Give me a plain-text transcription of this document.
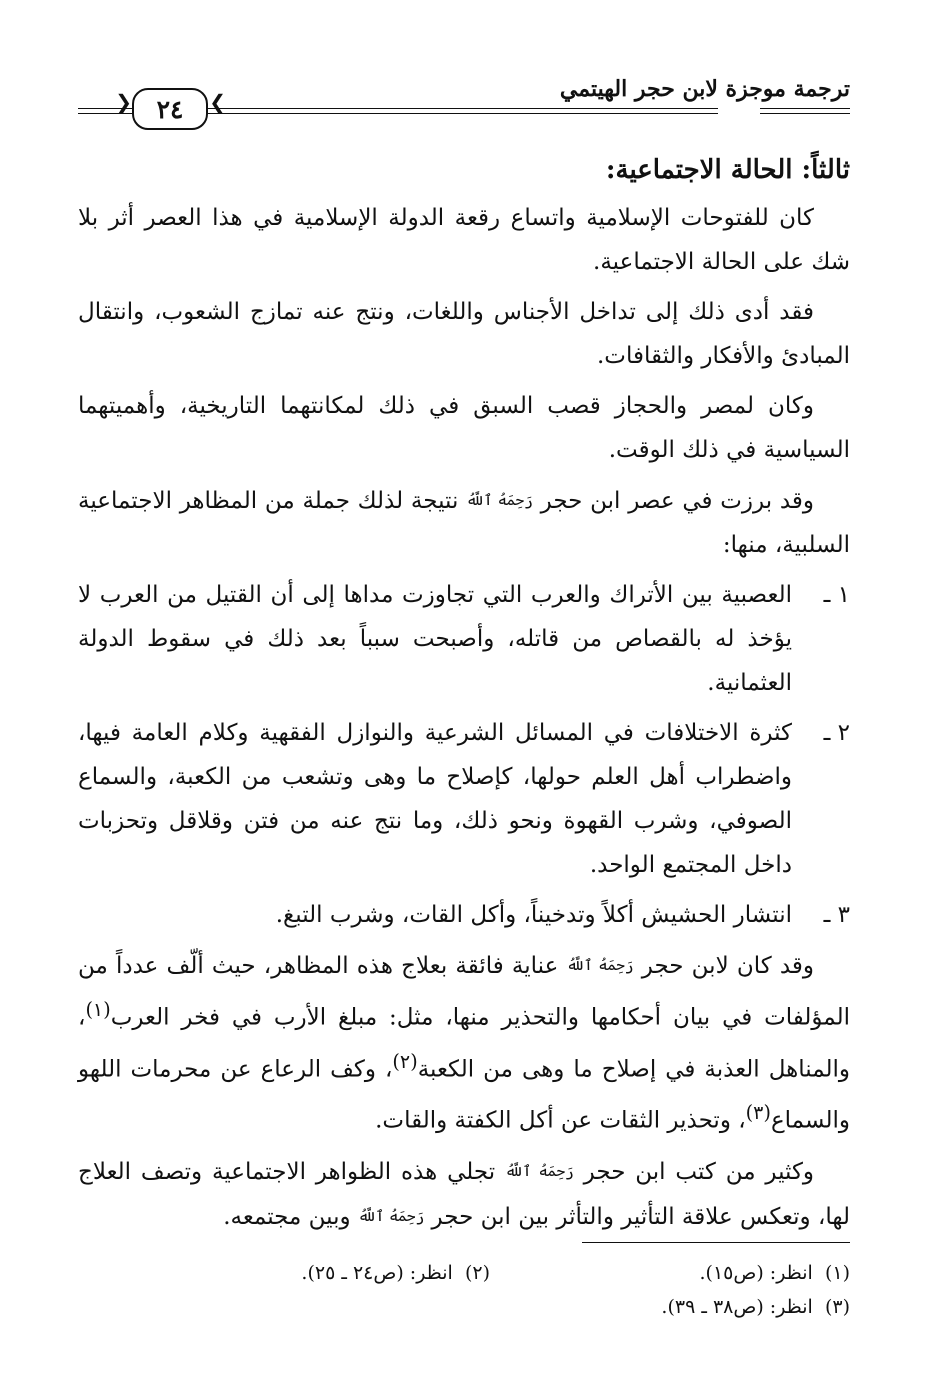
ترجمة موجزة لابن حجر الهيتمي
❮ ٢٤	❯
ثالثاً: الحالة الاجتماعية:

كان للفتوحات الإسلامية واتساع رقعة الدولة الإسلامية في هذا العصر أثر بلا شك على الحالة الاجتماعية.

فقد أدى ذلك إلى تداخل الأجناس واللغات، ونتج عنه تمازج الشعوب، وانتقال المبادئ والأفكار والثقافات.

وكان لمصر والحجاز قصب السبق في ذلك لمكانتهما التاريخية، وأهميتهما السياسية في ذلك الوقت.

وقد برزت في عصر ابن حجر رَحِمَهُ ٱللَّهُ نتيجة لذلك جملة من المظاهر الاجتماعية السلبية، منها:

١ ـ
العصبية بين الأتراك والعرب التي تجاوزت مداها إلى أن القتيل من العرب لا يؤخذ له بالقصاص من قاتله، وأصبحت سبباً بعد ذلك في سقوط الدولة العثمانية.
٢ ـ
كثرة الاختلافات في المسائل الشرعية والنوازل الفقهية وكلام العامة فيها، واضطراب أهل العلم حولها، كإصلاح ما وهى وتشعب من الكعبة، والسماع الصوفي، وشرب القهوة ونحو ذلك، وما نتج عنه من فتن وقلاقل وتحزبات داخل المجتمع الواحد.
٣ ـ
انتشار الحشيش أكلاً وتدخيناً، وأكل القات، وشرب التبغ.

وقد كان لابن حجر رَحِمَهُ ٱللَّهُ عناية فائقة بعلاج هذه المظاهر، حيث ألّف عدداً من المؤلفات في بيان أحكامها والتحذير منها، مثل: مبلغ الأرب في فخر العرب$^{(١)}$، والمناهل العذبة في إصلاح ما وهى من الكعبة$^{(٢)}$، وكف الرعاع عن محرمات اللهو والسماع$^{(٣)}$، وتحذير الثقات عن أكل الكفتة والقات.

وكثير من كتب ابن حجر رَحِمَهُ ٱللَّهُ تجلي هذه الظواهر الاجتماعية وتصف العلاج لها، وتعكس علاقة التأثير والتأثر بين ابن حجر رَحِمَهُ ٱللَّهُ وبين مجتمعه.

(١)  انظر: (ص١٥).
(٢)  انظر: (ص٢٤ ـ ٢٥).
(٣)  انظر: (ص٣٨ ـ ٣٩).
